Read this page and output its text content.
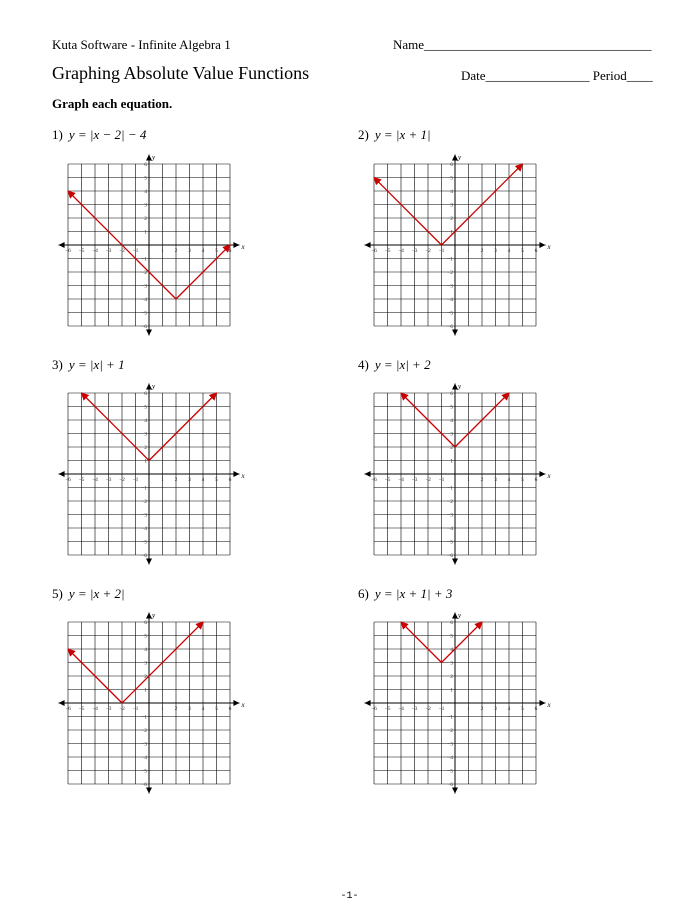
Kuta Software - Infinite Algebra 1	Name___________________________________
Graphing Absolute Value Functions	Date________________ Period____
Graph each equation.
1) y = |x − 2| − 4
x
y
−6 −5 −4 −3 −2 −1	1 2 3 4 5 6
6
5
4
3
2
1
−1
−2
−3
−4
−5
−6
2) y = |x + 1|
x
y
−6 −5 −4 −3 −2 −1	1 2 3 4 5 6
6
5
4
3
2
1
−1
−2
−3
−4
−5
−6
3) y = |x| + 1
x
y
−6 −5 −4 −3 −2 −1	1 2 3 4 5 6
6
5
4
3
2
1
−1
−2
−3
−4
−5
−6
4) y = |x| + 2
x
y
−6 −5 −4 −3 −2 −1	1 2 3 4 5 6
6
5
4
3
2
1
−1
−2
−3
−4
−5
−6
5) y = |x + 2|
x
y
−6 −5 −4 −3 −2 −1	1 2 3 4 5 6
6
5
4
3
2
1
−1
−2
−3
−4
−5
−6
6) y = |x + 1| + 3
x
y
−6 −5 −4 −3 −2 −1	1 2 3 4 5 6
6
5
4
3
2
1
−1
−2
−3
−4
−5
−6
-1-
